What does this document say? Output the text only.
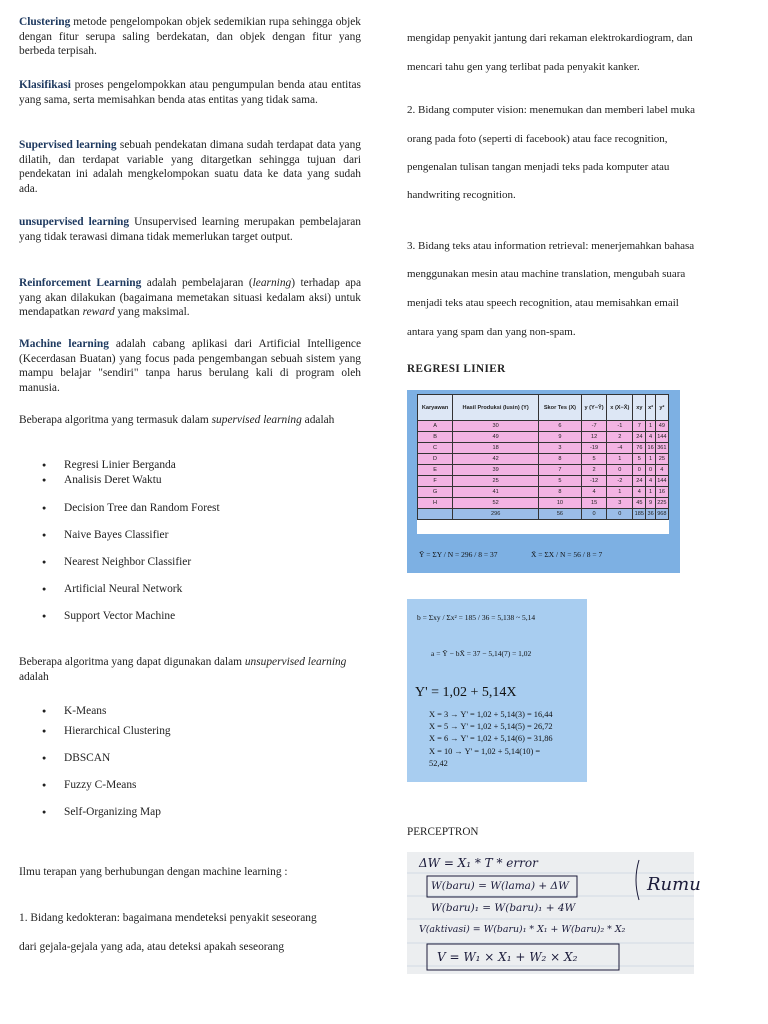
Clustering metode pengelompokan objek sedemikian rupa sehingga objek dengan fitur serupa saling berdekatan, dan objek dengan fitur yang berbeda terpisah.
Klasifikasi proses pengelompokkan atau pengumpulan benda atau entitas yang sama, serta memisahkan benda atas entitas yang tidak sama.
Supervised learning sebuah pendekatan dimana sudah terdapat data yang dilatih, dan terdapat variable yang ditargetkan sehingga tujuan dari pendekatan ini adalah mengkelompokan suatu data ke data yang sudah ada.
unsupervised learning Unsupervised learning merupakan pembelajaran yang tidak terawasi dimana tidak memerlukan target output.
Reinforcement Learning adalah pembelajaran (learning) terhadap apa yang akan dilakukan (bagaimana memetakan situasi kedalam aksi) untuk mendapatkan reward yang maksimal.
Machine learning adalah cabang aplikasi dari Artificial Intelligence (Kecerdasan Buatan) yang focus pada pengembangan sebuah sistem yang mampu belajar "sendiri" tanpa harus berulang kali di program oleh manusia.
Beberapa algoritma yang termasuk dalam supervised learning adalah
● Regresi Linier Berganda
● Analisis Deret Waktu
● Decision Tree dan Random Forest
● Naive Bayes Classifier
● Nearest Neighbor Classifier
● Artificial Neural Network
● Support Vector Machine
● K-Means
● Hierarchical Clustering
● DBSCAN
● Fuzzy C-Means
● Self-Organizing Map
Beberapa algoritma yang dapat digunakan dalam unsupervised learning adalah
Ilmu terapan yang berhubungan dengan machine learning :
1. Bidang kedokteran: bagaimana mendeteksi penyakit seseorang
dari gejala-gejala yang ada, atau deteksi apakah seseorang
mengidap penyakit jantung dari rekaman elektrokardiogram, dan
mencari tahu gen yang terlibat pada penyakit kanker.
2. Bidang computer vision: menemukan dan memberi label muka
orang pada foto (seperti di facebook) atau face recognition,
pengenalan tulisan tangan menjadi teks pada komputer atau
handwriting recognition.
3. Bidang teks atau information retrieval: menerjemahkan bahasa
menggunakan mesin atau machine translation, mengubah suara
menjadi teks atau speech recognition, atau memisahkan email
antara yang spam dan yang non-spam.
REGRESI LINIER
Karyawan	Hasil Produksi (lusin) (Y)	Skor Tes (X)	y (Y−Ȳ)	x (X−X̄)	xy	x²	y²
A	30	6	-7	-1	7	1	49
B	49	9	12	2	24	4	144
C	18	3	-19	-4	76	16	361
D	42	8	5	1	5	1	25
E	39	7	2	0	0	0	4
F	25	5	-12	-2	24	4	144
G	41	8	4	1	4	1	16
H	52	10	15	3	45	9	225
	296	56	0	0	185	36	968
Ȳ = ΣY / N = 296 / 8 = 37	X̄ = ΣX / N = 56 / 8 = 7
b = Σxy / Σx² = 185 / 36 = 5,138 ~ 5,14
a = Ȳ − bX̄ = 37 − 5,14(7) = 1,02
Y' = 1,02 + 5,14X
X = 3 → Y' = 1,02 + 5,14(3) = 16,44
X = 5 → Y' = 1,02 + 5,14(5) = 26,72
X = 6 → Y' = 1,02 + 5,14(6) = 31,86
X = 10 → Y' = 1,02 + 5,14(10) =
52,42
PERCEPTRON
ΔW = X₁ * T * error
W(baru) = W(lama) + ΔW
W(baru)₁ = W(baru)₁ + 4W
V(aktivasi) = W(baru)₁ * X₁ + W(baru)₂ * X₂
V = W₁ × X₁ + W₂ × X₂
Rumu
